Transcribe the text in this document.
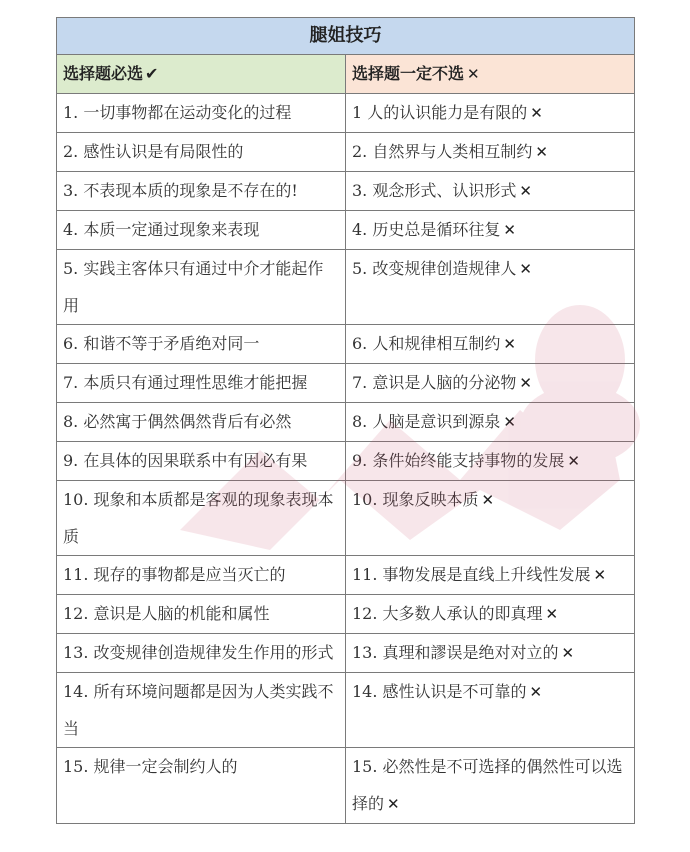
腿姐技巧	
选择题必选 ✔	选择题一定不选 ✕
1. 一切事物都在运动变化的过程	1 人的认识能力是有限的 ✕
2. 感性认识是有局限性的	2. 自然界与人类相互制约 ✕
3. 不表现本质的现象是不存在的!	3. 观念形式、认识形式 ✕
4. 本质一定通过现象来表现	4. 历史总是循环往复 ✕
5. 实践主客体只有通过中介才能起作用	5. 改变规律创造规律人 ✕
6. 和谐不等于矛盾绝对同一	6. 人和规律相互制约 ✕
7. 本质只有通过理性思维才能把握	7. 意识是人脑的分泌物 ✕
8. 必然寓于偶然偶然背后有必然	8. 人脑是意识到源泉 ✕
9. 在具体的因果联系中有因必有果	9. 条件始终能支持事物的发展 ✕
10. 现象和本质都是客观的现象表现本质	10. 现象反映本质 ✕
11. 现存的事物都是应当灭亡的	11. 事物发展是直线上升线性发展 ✕
12. 意识是人脑的机能和属性	12. 大多数人承认的即真理 ✕
13. 改变规律创造规律发生作用的形式	13. 真理和謬误是绝对对立的 ✕
14. 所有环境问题都是因为人类实践不当	14. 感性认识是不可靠的 ✕
15. 规律一定会制约人的	15. 必然性是不可选择的偶然性可以选择的 ✕
